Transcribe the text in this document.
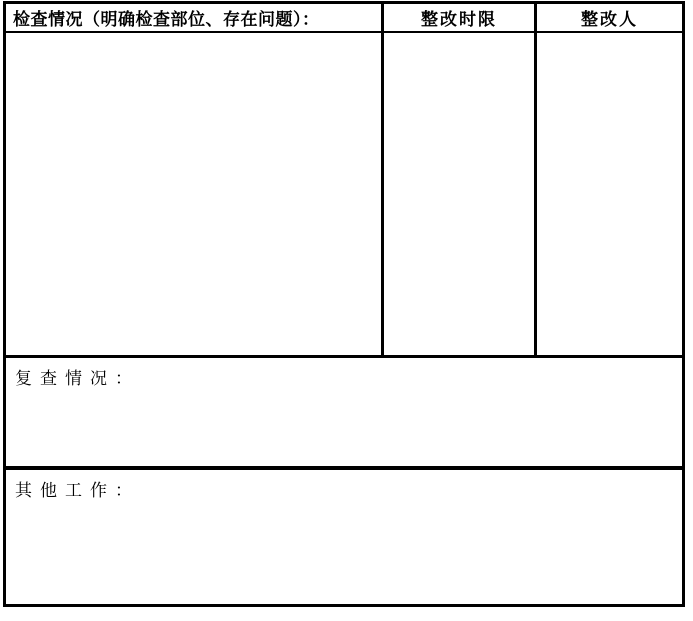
检查情况（明确检查部位、存在问题）：	整改时限	整改人
复查情况：
其他工作：
